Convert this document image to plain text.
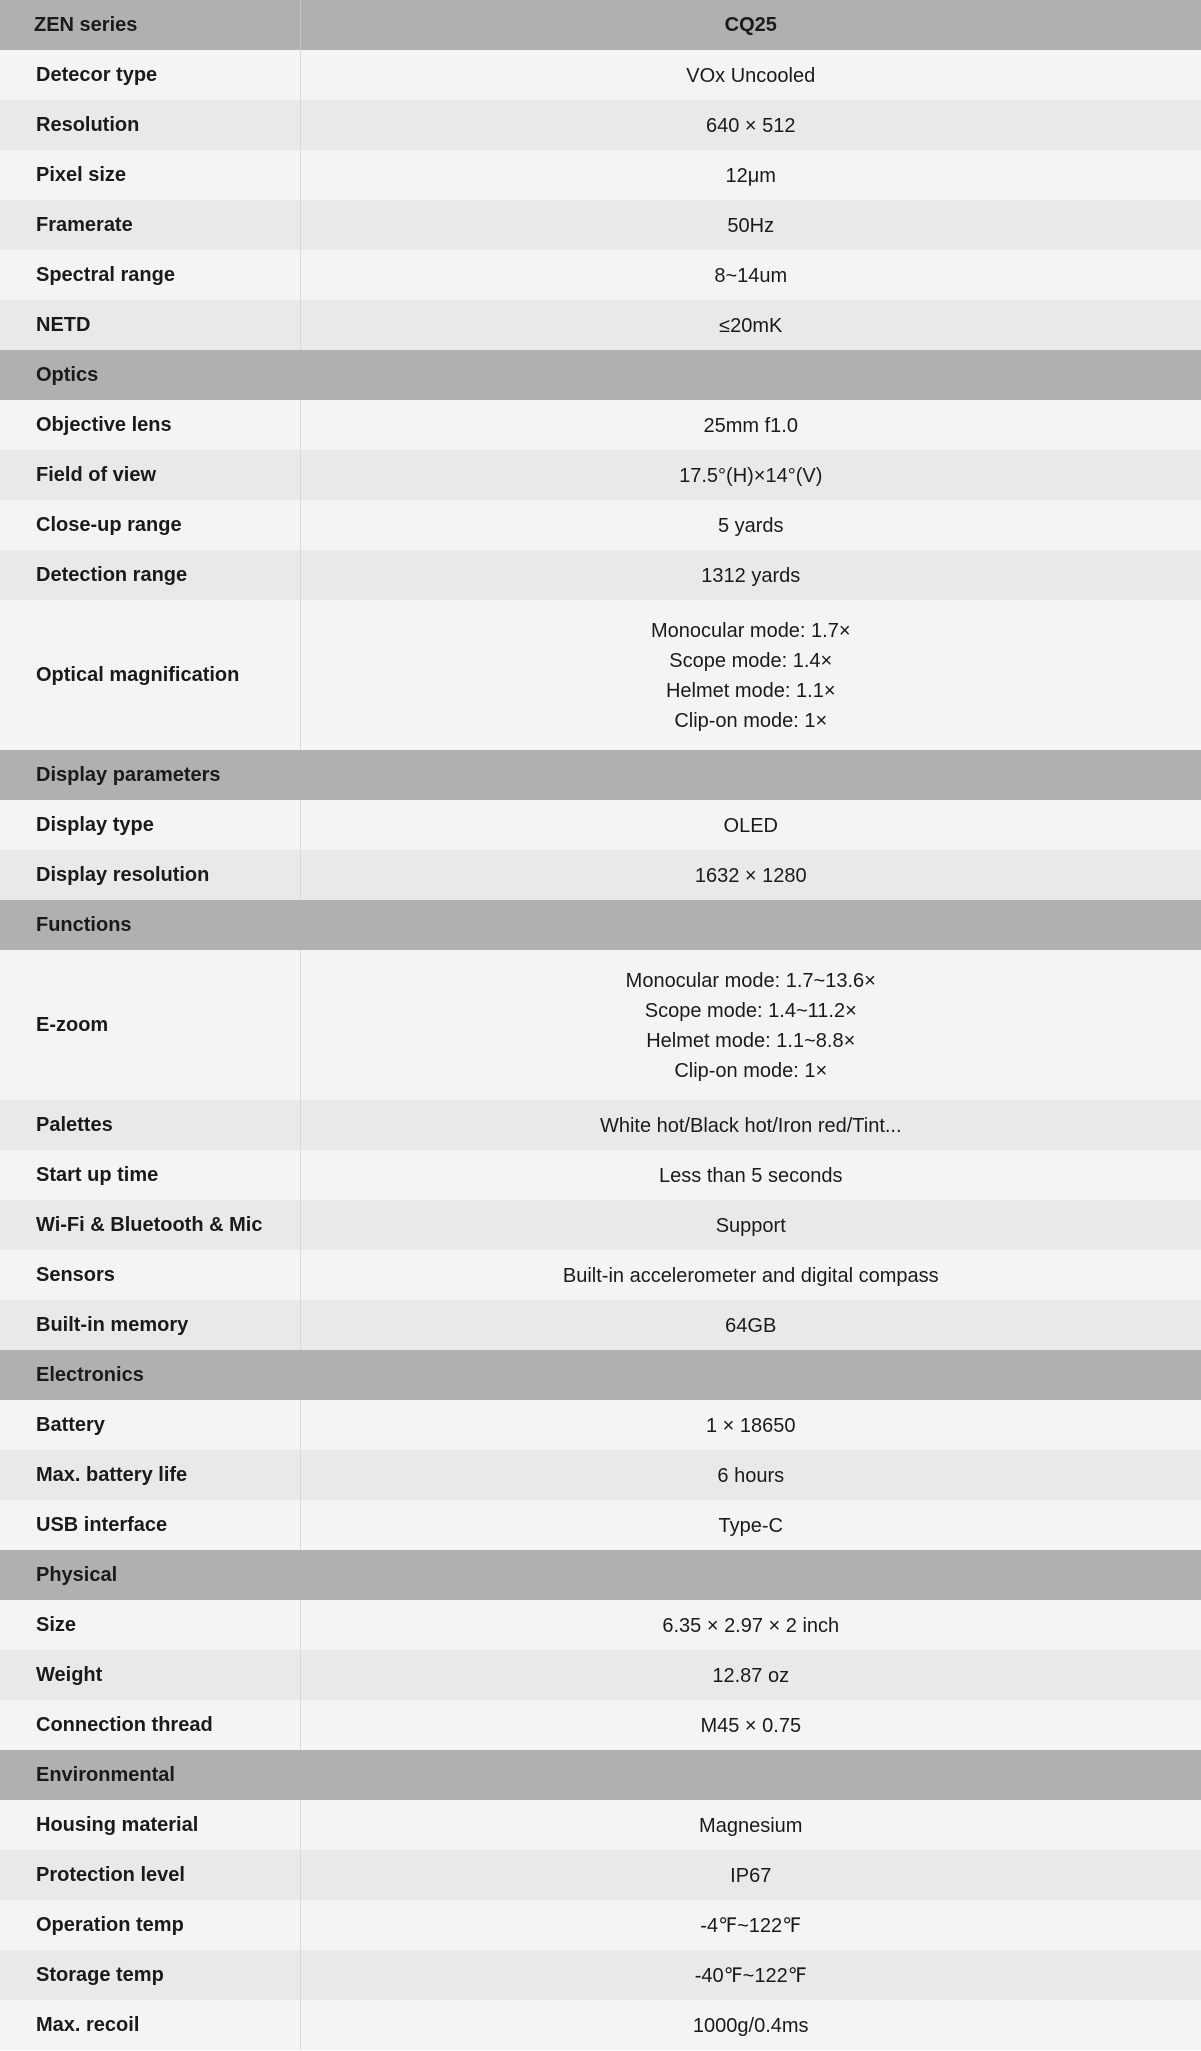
ZEN series	CQ25
Detecor type	VOx Uncooled
Resolution	640 × 512
Pixel size	12μm
Framerate	50Hz
Spectral range	8~14um
NETD	≤20mK
Optics	
Objective lens	25mm f1.0
Field of view	17.5°(H)×14°(V)
Close-up range	5 yards
Detection range	1312 yards
Optical magnification	Monocular mode: 1.7×
Scope mode: 1.4×
Helmet mode: 1.1×
Clip-on mode: 1×

Display parameters	
Display type	OLED
Display resolution	1632 × 1280
Functions	
E-zoom	Monocular mode: 1.7~13.6×
Scope mode: 1.4~11.2×
Helmet mode: 1.1~8.8×
Clip-on mode: 1×

Palettes	White hot/Black hot/Iron red/Tint...
Start up time	Less than 5 seconds
Wi-Fi & Bluetooth & Mic	Support
Sensors	Built-in accelerometer and digital compass
Built-in memory	64GB
Electronics	
Battery	1 × 18650
Max. battery life	6 hours
USB interface	Type-C
Physical	
Size	6.35 × 2.97 × 2 inch
Weight	12.87 oz
Connection thread	M45 × 0.75
Environmental	
Housing material	Magnesium
Protection level	IP67
Operation temp	-4℉~122℉
Storage temp	-40℉~122℉
Max. recoil	1000g/0.4ms
